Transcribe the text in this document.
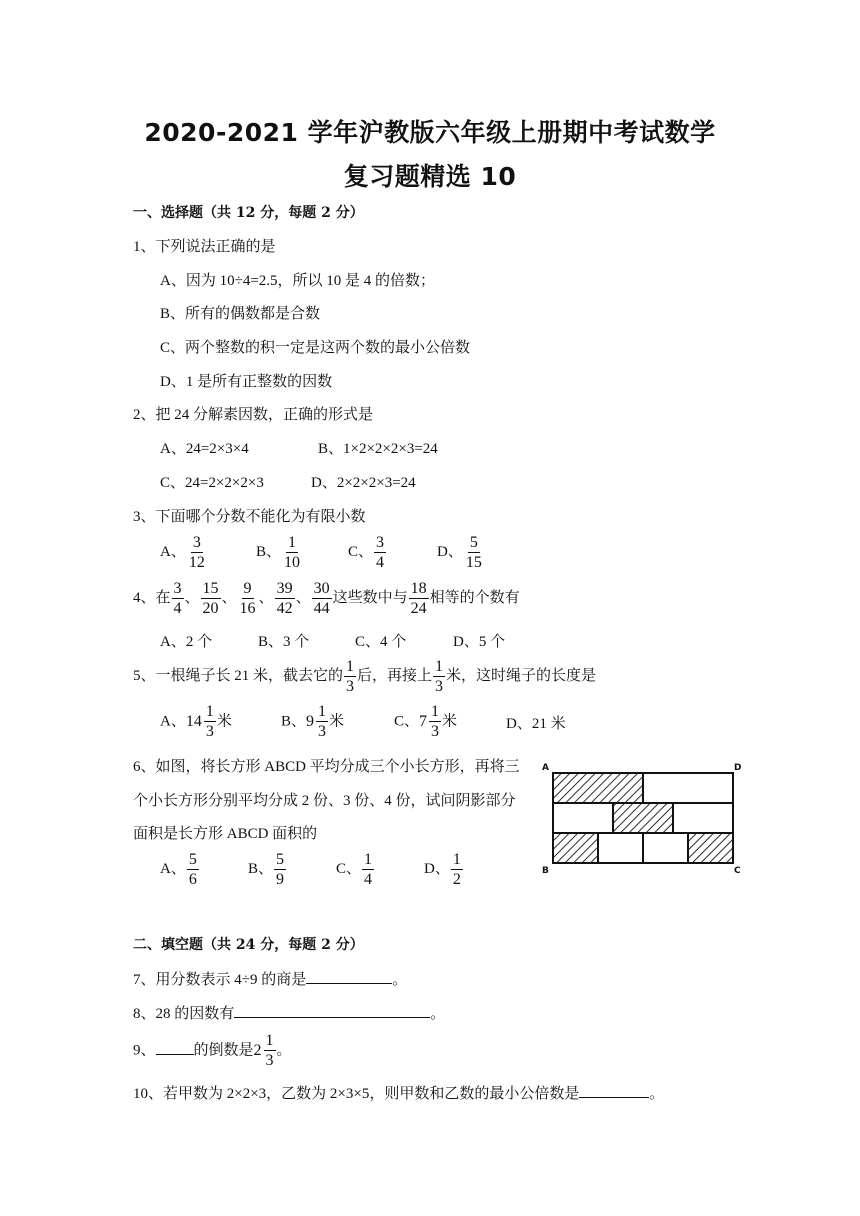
2020-2021 学年沪教版六年级上册期中考试数学
复习题精选 10
一、选择题（共 12 分，每题 2 分）
1、下列说法正确的是
A、因为 10÷4=2.5，所以 10 是 4 的倍数；
B、所有的偶数都是合数
C、两个整数的积一定是这两个数的最小公倍数
D、1 是所有正整数的因数
2、把 24 分解素因数，正确的形式是
A、24=2×3×4	B、1×2×2×2×3=24
C、24=2×2×2×3	D、2×2×2×3=24
3、下面哪个分数不能化为有限小数
A、 $\frac{3}{12}$	B、 $\frac{1}{10}$	C、 $\frac{3}{4}$	D、 $\frac{5}{15}$
4、在 $\frac{3}{4}$ 、 $\frac{15}{20}$ 、 $\frac{9}{16}$ 、 $\frac{39}{42}$ 、 $\frac{30}{44}$ 这些数中与 $\frac{18}{24}$ 相等的个数有
A、2 个	B、3 个	C、4 个	D、5 个
5、一根绳子长 21 米，截去它的 $\frac{1}{3}$ 后，再接上 $\frac{1}{3}$ 米，这时绳子的长度是
A、 $14 \frac{1}{3}$ 米	B、 $9 \frac{1}{3}$ 米	C、 $7 \frac{1}{3}$ 米	D、21 米
6、如图，将长方形 ABCD 平均分成三个小长方形，再将三
个小长方形分别平均分成 2 份、3 份、4 份，试问阴影部分
面积是长方形 ABCD 面积的
A、 $\frac{5}{6}$	B、 $\frac{5}{9}$	C、 $\frac{1}{4}$	D、 $\frac{1}{2}$
A	D
B	C
二、填空题（共 24 分，每题 2 分）
7、用分数表示 4÷9 的商是	。
8、28 的因数有	。
9、	的倒数是 $2 \frac{1}{3}$ 。
10、若甲数为 2×2×3，乙数为 2×3×5，则甲数和乙数的最小公倍数是	。
